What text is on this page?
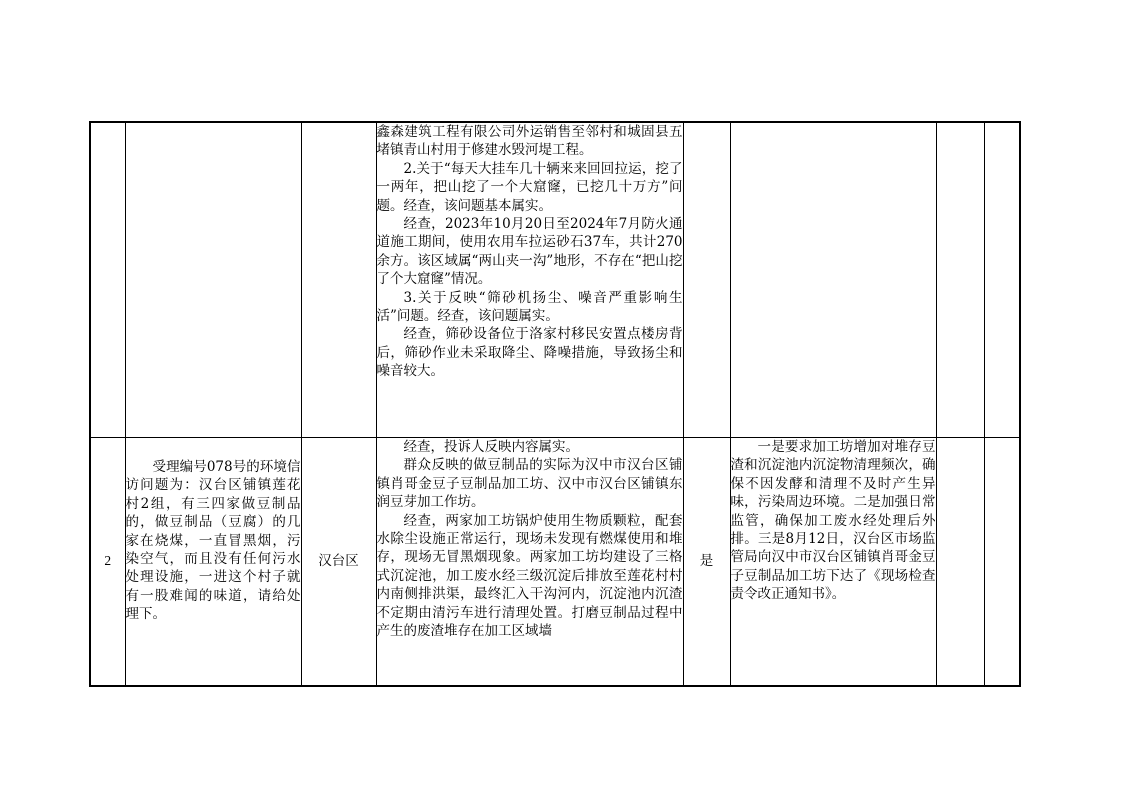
			鑫森建筑工程有限公司外运销售至邻村和城固县五堵镇青山村用于修建水毁河堤工程。

2.关于“每天大挂车几十辆来来回回拉运，挖了一两年，把山挖了一个大窟窿，已挖几十万方”问题。经查，该问题基本属实。

经查，2023年10月20日至2024年7月防火通道施工期间，使用农用车拉运砂石37车，共计270余方。该区域属“两山夹一沟”地形，不存在“把山挖了个大窟窿”情况。

3.关于反映“筛砂机扬尘、噪音严重影响生活”问题。经查，该问题属实。

经查，筛砂设备位于洛家村移民安置点楼房背后，筛砂作业未采取降尘、降噪措施，导致扬尘和噪音较大。				

2	受理编号078号的环境信访问题为：汉台区铺镇莲花村2组，有三四家做豆制品的，做豆制品（豆腐）的几家在烧煤，一直冒黑烟，污染空气，而且没有任何污水处理设施，一进这个村子就有一股难闻的味道，请给处理下。	汉台区	经查，投诉人反映内容属实。

群众反映的做豆制品的实际为汉中市汉台区铺镇肖哥金豆子豆制品加工坊、汉中市汉台区铺镇东润豆芽加工作坊。

经查，两家加工坊锅炉使用生物质颗粒，配套水除尘设施正常运行，现场未发现有燃煤使用和堆存，现场无冒黑烟现象。两家加工坊均建设了三格式沉淀池，加工废水经三级沉淀后排放至莲花村村内南侧排洪渠，最终汇入干沟河内，沉淀池内沉渣不定期由清污车进行清理处置。打磨豆制品过程中产生的废渣堆存在加工区域墙	是	一是要求加工坊增加对堆存豆渣和沉淀池内沉淀物清理频次，确保不因发酵和清理不及时产生异味，污染周边环境。二是加强日常监管，确保加工废水经处理后外排。三是8月12日，汉台区市场监管局向汉中市汉台区铺镇肖哥金豆子豆制品加工坊下达了《现场检查责令改正通知书》。		
